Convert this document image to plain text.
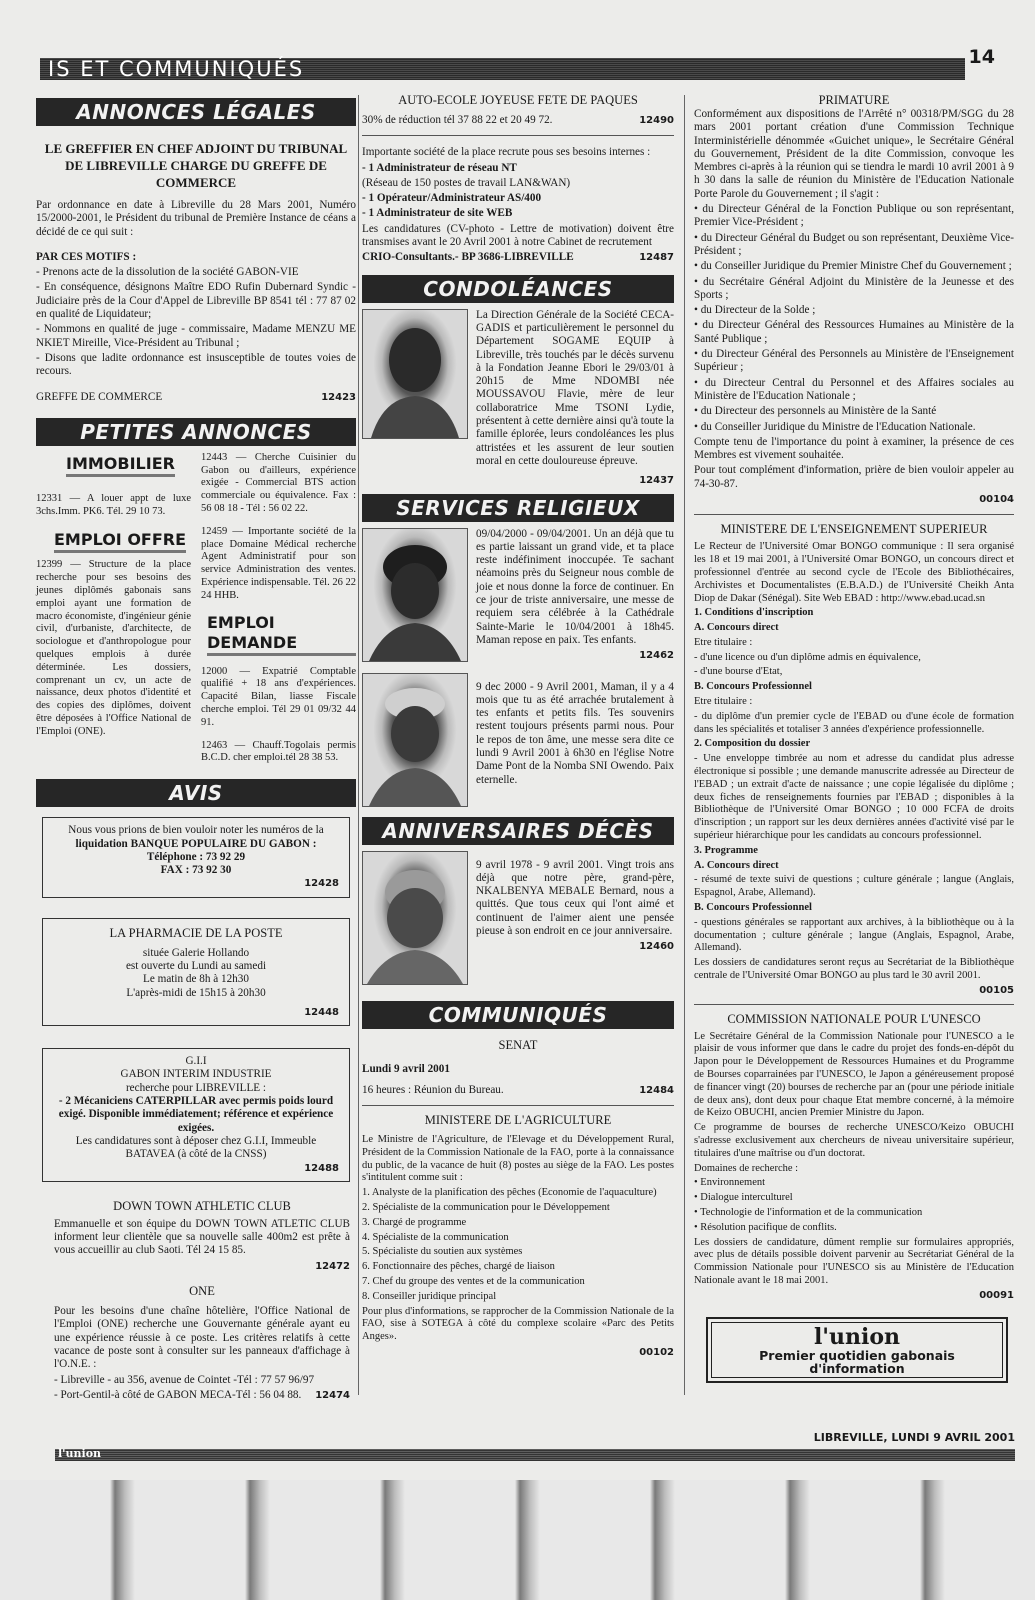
IS ET COMMUNIQUÉS	14
ANNONCES LÉGALES
LE GREFFIER EN CHEF ADJOINT DU TRIBUNAL DE LIBREVILLE CHARGE DU GREFFE DE COMMERCE

Par ordonnance en date à Libreville du 28 Mars 2001, Numéro 15/2000-2001, le Président du tribunal de Première Instance de céans a décidé de ce qui suit :

PAR CES MOTIFS :

- Prenons acte de la dissolution de la société GABON-VIE

- En conséquence, désignons Maître EDO Rufin Dubernard Syndic - Judiciaire près de la Cour d'Appel de Libreville BP 8541 tél : 77 87 02 en qualité de Liquidateur;

- Nommons en qualité de juge - commissaire, Madame MENZU ME NKIET Mireille, Vice-Président au Tribunal ;

- Disons que ladite ordonnance est insusceptible de toutes voies de recours.

GREFFE DE COMMERCE	12423
PETITES ANNONCES
IMMOBILIER

12331 — A louer appt de luxe 3chs.Imm. PK6. Tél. 29 10 73.

EMPLOI OFFRE

12399 — Structure de la place recherche pour ses besoins des jeunes diplômés gabonais sans emploi ayant une formation de macro économiste, d'ingénieur génie civil, d'urbaniste, d'architecte, de sociologue et d'anthropologue pour quelques emplois à durée déterminée. Les dossiers, comprenant un cv, un acte de naissance, deux photos d'identité et des copies des diplômes, doivent être déposées à l'Office National de l'Emploi (ONE).

12443 — Cherche Cuisinier du Gabon ou d'ailleurs, expérience exigée - Commercial BTS action commerciale ou équivalence. Fax : 56 08 18 - Tél : 56 02 22.

12459 — Importante société de la place Domaine Médical recherche Agent Administratif pour son service Administration des ventes. Expérience indispensable. Tél. 26 22 24 HHB.

EMPLOI DEMANDE

12000 — Expatrié Comptable qualifié + 18 ans d'expériences. Capacité Bilan, liasse Fiscale cherche emploi. Tél 29 01 09/32 44 91.

12463 — Chauff.Togolais permis B.C.D. cher emploi.tél 28 38 53.

AVIS
Nous vous prions de bien vouloir noter les numéros de la
liquidation BANQUE POPULAIRE DU GABON :
Téléphone : 73 92 29
FAX : 73 92 30
12428
LA PHARMACIE DE LA POSTE
située Galerie Hollando
est ouverte du Lundi au samedi
Le matin de 8h à 12h30
L'après-midi de 15h15 à 20h30
12448
G.I.I
GABON INTERIM INDUSTRIE
recherche pour LIBREVILLE :
- 2 Mécaniciens CATERPILLAR avec permis poids lourd exigé. Disponible immédiatement; référence et expérience exigées.
Les candidatures sont à déposer chez G.I.I, Immeuble BATAVEA (à côté de la CNSS)
12488
DOWN TOWN ATHLETIC CLUB

Emmanuelle et son équipe du DOWN TOWN ATLETIC CLUB informent leur clientèle que sa nouvelle salle 400m2 est prête à vous accueillir au club Saoti. Tél 24 15 85.

12472
ONE

Pour les besoins d'une chaîne hôtelière, l'Office National de l'Emploi (ONE) recherche une Gouvernante générale ayant eu une expérience réussie à ce poste. Les critères relatifs à cette vacance de poste sont à consulter sur les panneaux d'affichage à l'O.N.E. :

- Libreville - au 356, avenue de Cointet -Tél : 77 57 96/97

- Port-Gentil-à côté de GABON MECA-Tél : 56 04 88. 12474
AUTO-ECOLE JOYEUSE FETE DE PAQUES
30% de réduction tél 37 88 22 et 20 49 72.	12490

Importante société de la place recrute pous ses besoins internes :

- 1 Administrateur de réseau NT

(Réseau de 150 postes de travail LAN&WAN)

- 1 Opérateur/Administrateur AS/400

- 1 Administrateur de site WEB

Les candidatures (CV-photo - Lettre de motivation) doivent être transmises avant le 20 Avril 2001 à notre Cabinet de recrutement

CRIO-Consultants.- BP 3686-LIBREVILLE	12487
CONDOLÉANCES

La Direction Générale de la Société CECA-GADIS et particulièrement le personnel du Département SOGAME EQUIP à Libreville, très touchés par le décès survenu à la Fondation Jeanne Ebori le 29/03/01 à 20h15 de Mme NDOMBI née MOUSSAVOU Flavie, mère de leur collaboratrice Mme TSONI Lydie, présentent à cette dernière ainsi qu'à toute la famille éplorée, leurs condoléances les plus attristées et les assurent de leur soutien moral en cette douloureuse épreuve.

12437
SERVICES RELIGIEUX

09/04/2000 - 09/04/2001. Un an déjà que tu es partie laissant un grand vide, et ta place reste indéfiniment inoccupée. Te sachant néamoins près du Seigneur nous comble de joie et nous donne la force de continuer. En ce jour de triste anniversaire, une messe de requiem sera célébrée à la Cathédrale Sainte-Marie le 10/04/2001 à 18h45. Maman repose en paix. Tes enfants.

12462

9 dec 2000 - 9 Avril 2001, Maman, il y a 4 mois que tu as été arrachée brutalement à tes enfants et petits fils. Tes souvenirs restent toujours présents parmi nous. Pour le repos de ton âme, une messe sera dite ce lundi 9 Avril 2001 à 6h30 en l'église Notre Dame Pont de la Nomba SNI Owendo. Paix eternelle.

ANNIVERSAIRES DÉCÈS

9 avril 1978 - 9 avril 2001. Vingt trois ans déjà que notre père, grand-père, NKALBENYA MEBALE Bernard, nous a quittés. Que tous ceux qui l'ont aimé et continuent de l'aimer aient une pensée pieuse à son endroit en ce jour anniversaire.

12460
COMMUNIQUÉS
SENAT

Lundi 9 avril 2001

16 heures : Réunion du Bureau.	12484
MINISTERE DE L'AGRICULTURE

Le Ministre de l'Agriculture, de l'Elevage et du Développement Rural, Président de la Commission Nationale de la FAO, porte à la connaissance du public, de la vacance de huit (8) postes au siège de la FAO. Les postes s'intitulent comme suit :

1. Analyste de la planification des pêches (Economie de l'aquaculture)

2. Spécialiste de la communication pour le Développement

3. Chargé de programme

4. Spécialiste de la communication

5. Spécialiste du soutien aux systèmes

6. Fonctionnaire des pêches, chargé de liaison

7. Chef du groupe des ventes et de la communication

8. Conseiller juridique principal

Pour plus d'informations, se rapprocher de la Commission Nationale de la FAO, sise à SOTEGA à côté du complexe scolaire «Parc des Petits Anges».

00102
PRIMATURE

Conformément aux dispositions de l'Arrêté n° 00318/PM/SGG du 28 mars 2001 portant création d'une Commission Technique Interministérielle dénommée «Guichet unique», le Secrétaire Général du Gouvernement, Président de la dite Commission, convoque les Membres ci-après à la réunion qui se tiendra le mardi 10 avril 2001 à 9 h 30 dans la salle de réunion du Ministère de l'Education Nationale Porte Parole du Gouvernement ; il s'agit :

• du Directeur Général de la Fonction Publique ou son représentant, Premier Vice-Président ;

• du Directeur Général du Budget ou son représentant, Deuxième Vice-Président ;

• du Conseiller Juridique du Premier Ministre Chef du Gouvernement ;

• du Secrétaire Général Adjoint du Ministère de la Jeunesse et des Sports ;

• du Directeur de la Solde ;

• du Directeur Général des Ressources Humaines au Ministère de la Santé Publique ;

• du Directeur Général des Personnels au Ministère de l'Enseignement Supérieur ;

• du Directeur Central du Personnel et des Affaires sociales au Ministère de l'Education Nationale ;

• du Directeur des personnels au Ministère de la Santé

• du Conseiller Juridique du Ministre de l'Education Nationale.

Compte tenu de l'importance du point à examiner, la présence de ces Membres est vivement souhaitée.

Pour tout complément d'information, prière de bien vouloir appeler au 74-30-87.

00104
MINISTERE DE L'ENSEIGNEMENT SUPERIEUR

Le Recteur de l'Université Omar BONGO communique : Il sera organisé les 18 et 19 mai 2001, à l'Université Omar BONGO, un concours direct et professionnel d'entrée au second cycle de l'Ecole des Bibliothécaires, Archivistes et Documentalistes (E.B.A.D.) de l'Université Cheikh Anta Diop de Dakar (Sénégal). Site Web EBAD : http://www.ebad.ucad.sn

1. Conditions d'inscription

A. Concours direct

Etre titulaire :

- d'une licence ou d'un diplôme admis en équivalence,

- d'une bourse d'Etat,

B. Concours Professionnel

Etre titulaire :

- du diplôme d'un premier cycle de l'EBAD ou d'une école de formation dans les spécialités et totaliser 3 années d'expérience professionnelle.

2. Composition du dossier

- Une enveloppe timbrée au nom et adresse du candidat plus adresse électronique si possible ; une demande manuscrite adressée au Directeur de l'EBAD ; un extrait d'acte de naissance ; une copie légalisée du diplôme ; deux fiches de renseignements fournies par l'EBAD ; disponibles à la Bibliothèque de l'Université Omar BONGO ; 10 000 FCFA de droits d'inscription ; un rapport sur les deux dernières années d'activité visé par le supérieur hiérarchique pour les candidats au concours professionnel.

3. Programme

A. Concours direct

- résumé de texte suivi de questions ; culture générale ; langue (Anglais, Espagnol, Arabe, Allemand).

B. Concours Professionnel

- questions générales se rapportant aux archives, à la bibliothèque ou à la documentation ; culture générale ; langue (Anglais, Espagnol, Arabe, Allemand).

Les dossiers de candidatures seront reçus au Secrétariat de la Bibliothèque centrale de l'Université Omar BONGO au plus tard le 30 avril 2001.

00105
COMMISSION NATIONALE POUR L'UNESCO

Le Secrétaire Général de la Commission Nationale pour l'UNESCO a le plaisir de vous informer que dans le cadre du projet des fonds-en-dépôt du Japon pour le Développement de Ressources Humaines et du Programme de Bourses coparrainées par l'UNESCO, le Japon a généreusement proposé de financer vingt (20) bourses de recherche par an (pour une période initiale de deux ans), dont deux pour chaque Etat membre concerné, à la mémoire de Keizo OBUCHI, ancien Premier Ministre du Japon.

Ce programme de bourses de recherche UNESCO/Keizo OBUCHI s'adresse exclusivement aux chercheurs de niveau universitaire supérieur, titulaires d'une maîtrise ou d'un doctorat.

Domaines de recherche :

• Environnement

• Dialogue interculturel

• Technologie de l'information et de la communication

• Résolution pacifique de conflits.

Les dossiers de candidature, dûment remplie sur formulaires appropriés, avec plus de détails possible doivent parvenir au Secrétariat Général de la Commission Nationale pour l'UNESCO sis au Ministère de l'Education Nationale avant le 18 mai 2001.

00091
l'union
Premier quotidien gabonais d'information
l'union
LIBREVILLE, LUNDI 9 AVRIL 2001
